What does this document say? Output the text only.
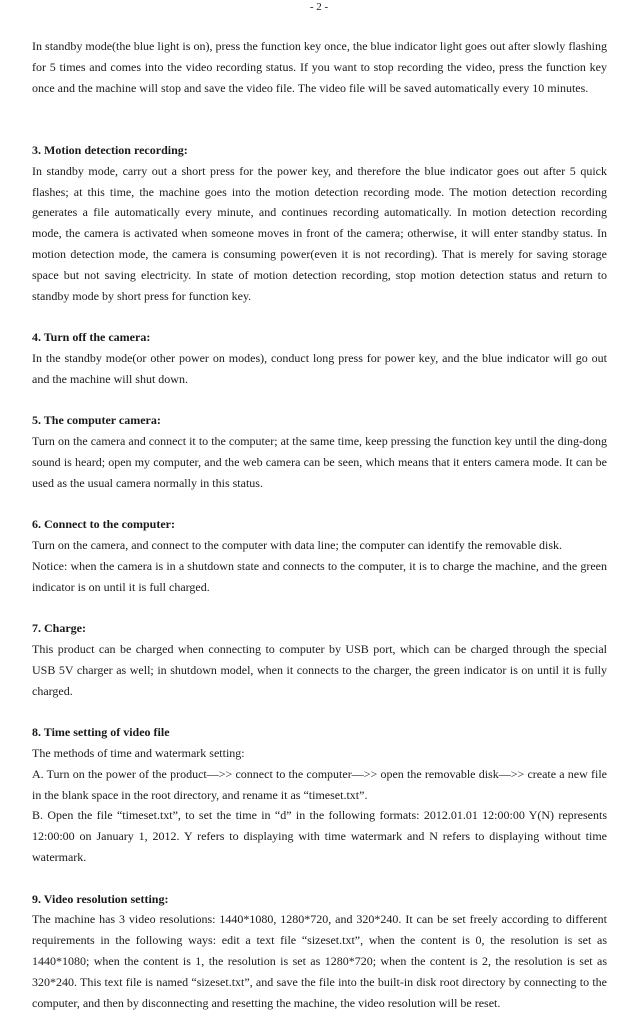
- 2 -

In standby mode(the blue light is on), press the function key once, the blue indicator light goes out after slowly flashing for 5 times and comes into the video recording status. If you want to stop recording the video, press the function key once and the machine will stop and save the video file. The video file will be saved automatically every 10 minutes.

3. Motion detection recording:

In standby mode, carry out a short press for the power key, and therefore the blue indicator goes out after 5 quick flashes; at this time, the machine goes into the motion detection recording mode. The motion detection recording generates a file automatically every minute, and continues recording automatically. In motion detection recording mode, the camera is activated when someone moves in front of the camera; otherwise, it will enter standby status. In motion detection mode, the camera is consuming power(even it is not recording). That is merely for saving storage space but not saving electricity. In state of motion detection recording, stop motion detection status and return to standby mode by short press for function key.

4. Turn off the camera:

In the standby mode(or other power on modes), conduct long press for power key, and the blue indicator will go out and the machine will shut down.

5. The computer camera:

Turn on the camera and connect it to the computer; at the same time, keep pressing the function key until the ding-dong sound is heard; open my computer, and the web camera can be seen, which means that it enters camera mode. It can be used as the usual camera normally in this status.

6. Connect to the computer:

Turn on the camera, and connect to the computer with data line; the computer can identify the removable disk.

Notice: when the camera is in a shutdown state and connects to the computer, it is to charge the machine, and the green indicator is on until it is full charged.

7. Charge:

This product can be charged when connecting to computer by USB port, which can be charged through the special USB 5V charger as well; in shutdown model, when it connects to the charger, the green indicator is on until it is fully charged.

8. Time setting of video file

The methods of time and watermark setting:

A. Turn on the power of the product—>> connect to the computer—>> open the removable disk—>> create a new file in the blank space in the root directory, and rename it as “timeset.txt”.

B. Open the file “timeset.txt”, to set the time in “d” in the following formats: 2012.01.01 12:00:00 Y(N) represents 12:00:00 on January 1, 2012. Y refers to displaying with time watermark and N refers to displaying without time watermark.

9. Video resolution setting:

The machine has 3 video resolutions: 1440*1080, 1280*720, and 320*240. It can be set freely according to different requirements in the following ways: edit a text file “sizeset.txt”, when the content is 0, the resolution is set as 1440*1080; when the content is 1, the resolution is set as 1280*720; when the content is 2, the resolution is set as 320*240. This text file is named “sizeset.txt”, and save the file into the built-in disk root directory by connecting to the computer, and then by disconnecting and resetting the machine, the video resolution will be reset.
